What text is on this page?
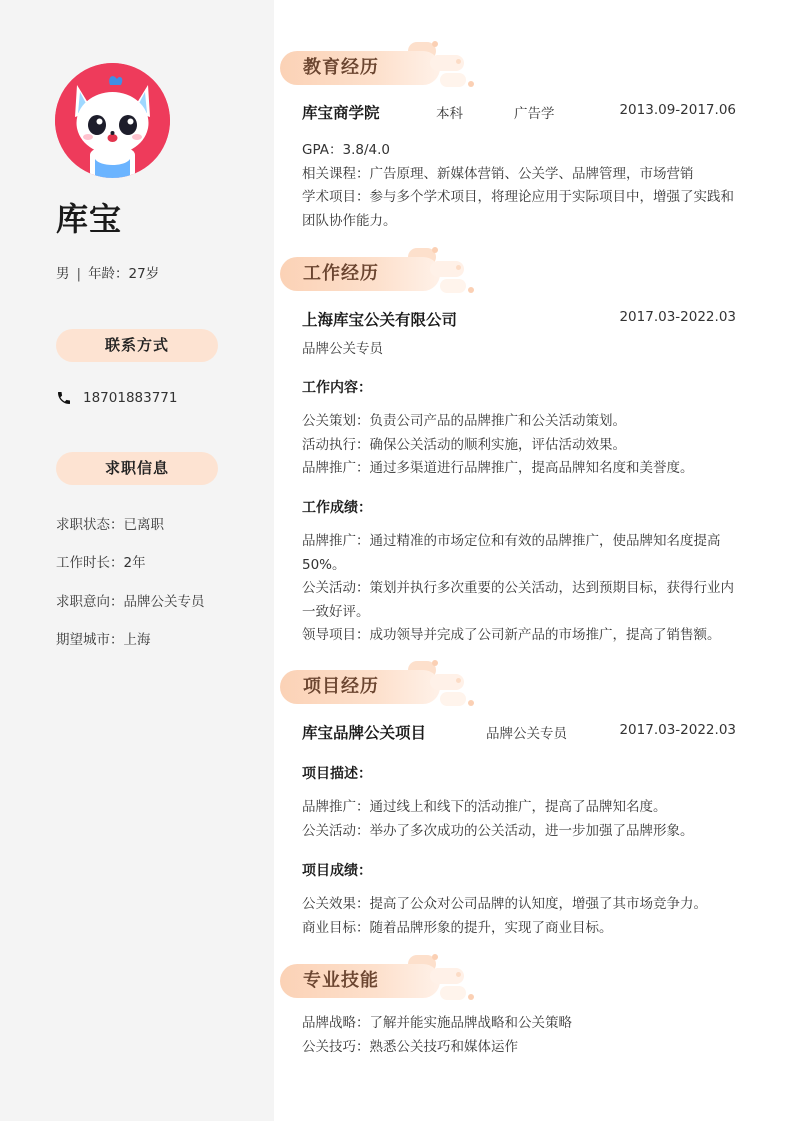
库宝
男 | 年龄：27岁
联系方式
18701883771
求职信息
求职状态：已离职
工作时长：2年
求职意向：品牌公关专员
期望城市：上海
教育经历
库宝商学院	本科	广告学	2013.09-2017.06
GPA：3.8/4.0
相关课程：广告原理、新媒体营销、公关学、品牌管理，市场营销
学术项目：参与多个学术项目，将理论应用于实际项目中，增强了实践和团队协作能力。
工作经历
上海库宝公关有限公司	2017.03-2022.03
品牌公关专员
工作内容：
公关策划：负责公司产品的品牌推广和公关活动策划。
活动执行：确保公关活动的顺利实施，评估活动效果。
品牌推广：通过多渠道进行品牌推广，提高品牌知名度和美誉度。
工作成绩：
品牌推广：通过精准的市场定位和有效的品牌推广，使品牌知名度提高50%。
公关活动：策划并执行多次重要的公关活动，达到预期目标，获得行业内一致好评。
领导项目：成功领导并完成了公司新产品的市场推广，提高了销售额。
项目经历
库宝品牌公关项目	品牌公关专员	2017.03-2022.03
项目描述：
品牌推广：通过线上和线下的活动推广，提高了品牌知名度。
公关活动：举办了多次成功的公关活动，进一步加强了品牌形象。
项目成绩：
公关效果：提高了公众对公司品牌的认知度，增强了其市场竞争力。
商业目标：随着品牌形象的提升，实现了商业目标。
专业技能
品牌战略：了解并能实施品牌战略和公关策略
公关技巧：熟悉公关技巧和媒体运作
